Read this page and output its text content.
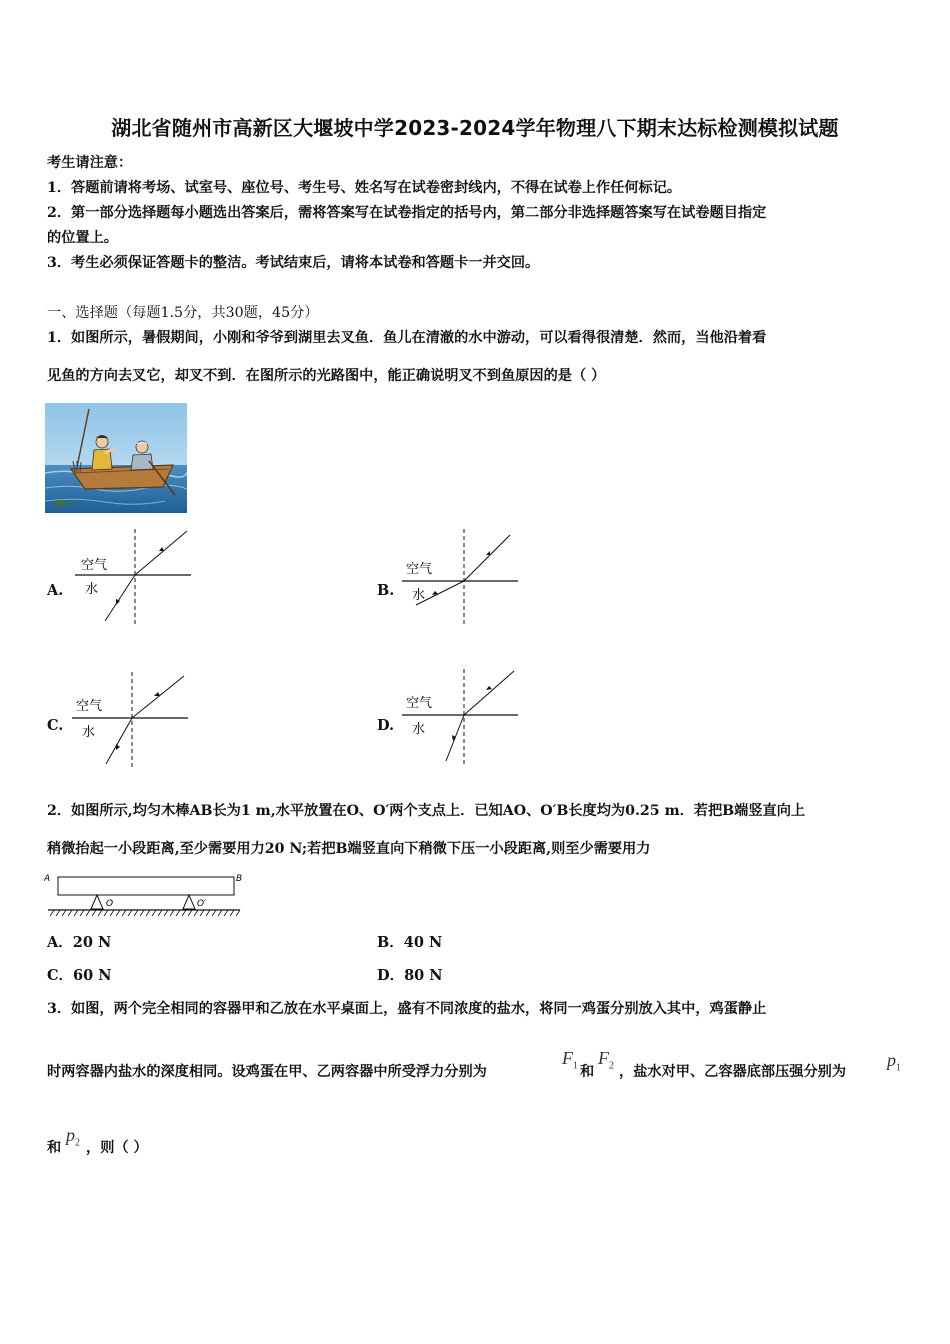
湖北省随州市高新区大堰坡中学2023-2024学年物理八下期末达标检测模拟试题
考生请注意：
1．答题前请将考场、试室号、座位号、考生号、姓名写在试卷密封线内，不得在试卷上作任何标记。
2．第一部分选择题每小题选出答案后，需将答案写在试卷指定的括号内，第二部分非选择题答案写在试卷题目指定
的位置上。
3．考生必须保证答题卡的整洁。考试结束后，请将本试卷和答题卡一并交回。
一、选择题（每题1.5分，共30题，45分）
1．如图所示，暑假期间，小刚和爷爷到湖里去叉鱼．鱼儿在清澈的水中游动，可以看得很清楚．然而，当他沿着看
见鱼的方向去叉它，却叉不到．在图所示的光路图中，能正确说明叉不到鱼原因的是（ ）
A.
空气
水	B.
空气
水
C.
空气
水	D.
空气
水
2．如图所示,均匀木棒AB长为1 m,水平放置在O、O′两个支点上．已知AO、O′B长度均为0.25 m．若把B端竖直向上
稍微抬起一小段距离,至少需要用力20 N;若把B端竖直向下稍微下压一小段距离,则至少需要用力
A	B
O	O′
A．20 N	B．40 N
C．60 N	D．80 N
3．如图，两个完全相同的容器甲和乙放在水平桌面上，盛有不同浓度的盐水，将同一鸡蛋分别放入其中，鸡蛋静止
时两容器内盐水的深度相同。设鸡蛋在甲、乙两容器中所受浮力分别为
$F_1$ 和
$F_2$ ，盐水对甲、乙容器底部压强分别为
$p_1$
和
$p_2$ ，则（ ）
